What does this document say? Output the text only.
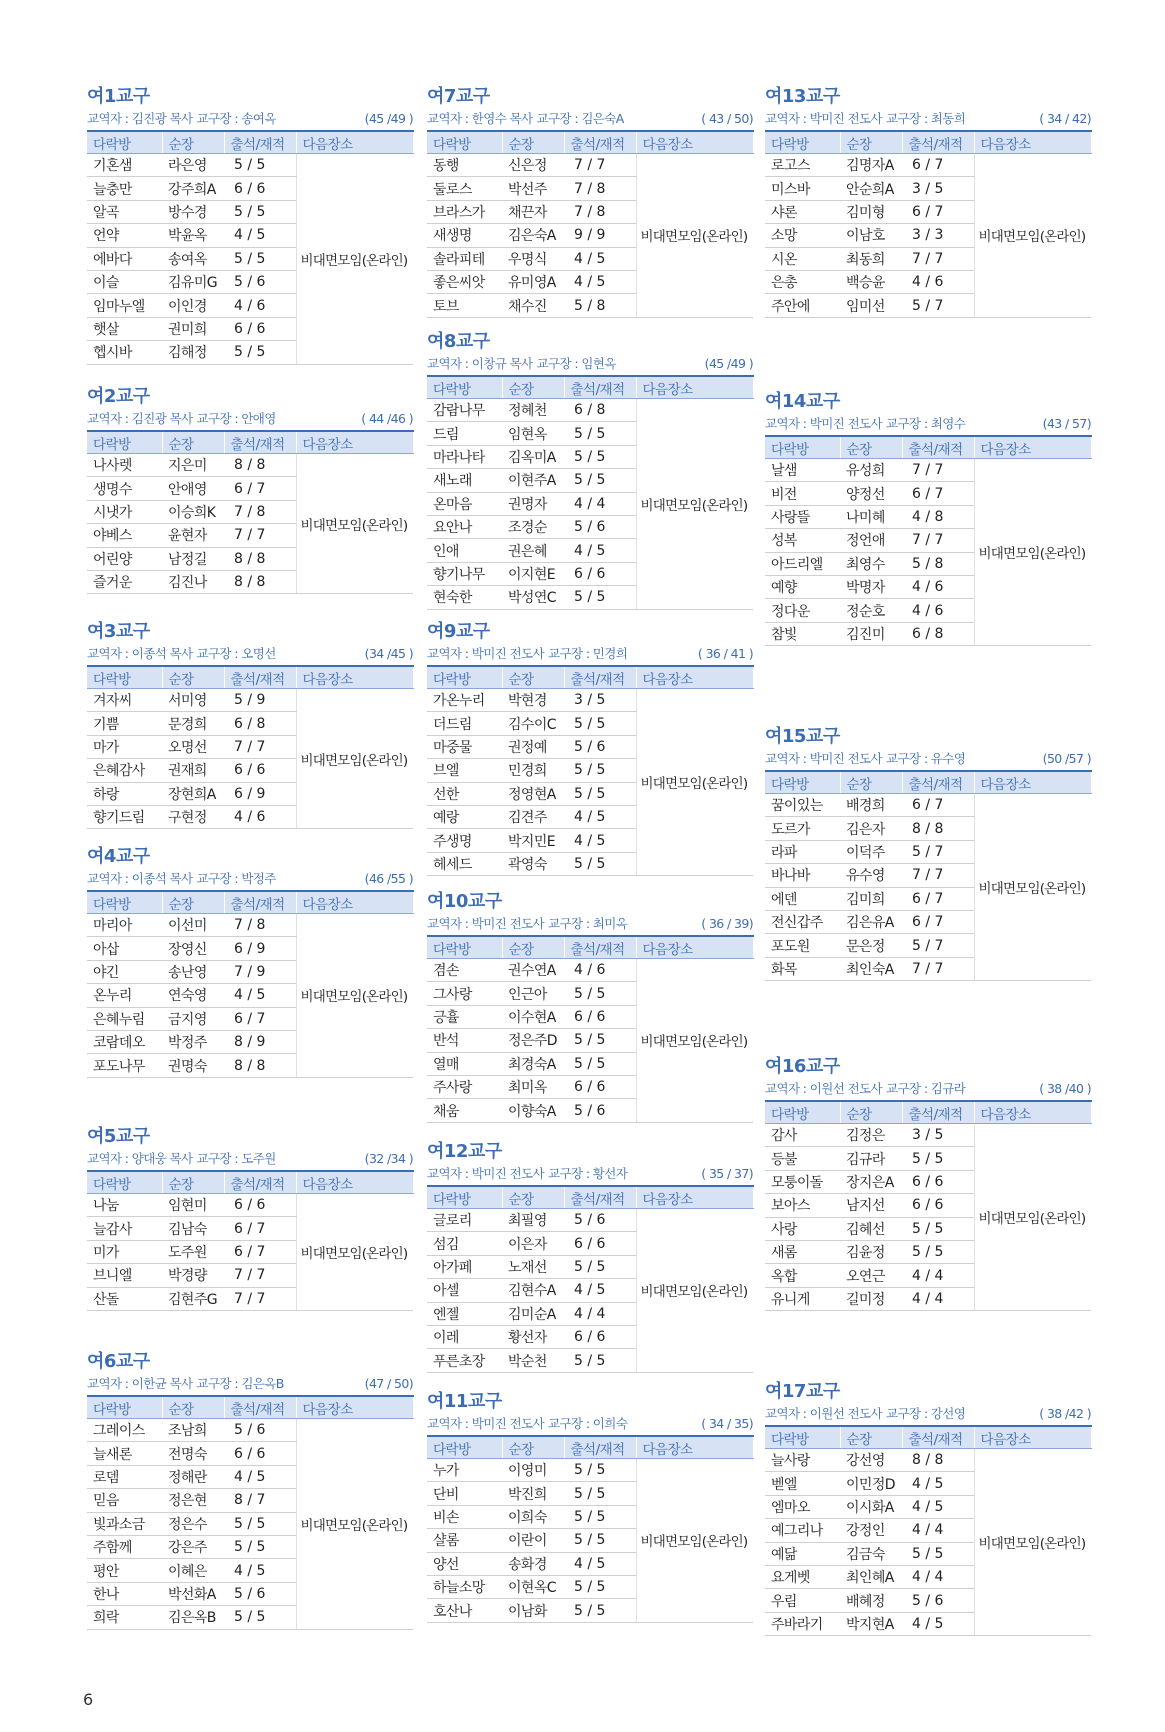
여1교구
교역자 : 김진광 목사 교구장 : 송여옥	(45 /49 )
다락방	순장	출석/재적	다음장소
기혼샘	라은영	5 / 5	비대면모임(온라인)
늘충만	강주희A	6 / 6	
알곡	방수경	5 / 5	
언약	박윤옥	4 / 5	
에바다	송여옥	5 / 5	
이슬	김유미G	5 / 6	
임마누엘	이인경	4 / 6	
햇살	권미희	6 / 6	
헵시바	김해정	5 / 5	
여2교구
교역자 : 김진광 목사 교구장 : 안애영	( 44 /46 )
다락방	순장	출석/재적	다음장소
나사렛	지은미	8 / 8	비대면모임(온라인)
생명수	안애영	6 / 7	
시냇가	이승희K	7 / 8	
야베스	윤현자	7 / 7	
어린양	남정길	8 / 8	
즐거운	김진나	8 / 8	
여3교구
교역자 : 이종석 목사 교구장 : 오명선	(34 /45 )
다락방	순장	출석/재적	다음장소
겨자씨	서미영	5 / 9	비대면모임(온라인)
기쁨	문경희	6 / 8	
마가	오명선	7 / 7	
은혜감사	권재희	6 / 6	
하랑	장현희A	6 / 9	
향기드림	구현정	4 / 6	
여4교구
교역자 : 이종석 목사 교구장 : 박정주	(46 /55 )
다락방	순장	출석/재적	다음장소
마리아	이선미	7 / 8	비대면모임(온라인)
아삽	장영신	6 / 9	
야긴	송난영	7 / 9	
온누리	연숙영	4 / 5	
은혜누림	금지영	6 / 7	
코람데오	박정주	8 / 9	
포도나무	권명숙	8 / 8	
여5교구
교역자 : 양대웅 목사 교구장 : 도주원	(32 /34 )
다락방	순장	출석/재적	다음장소
나눔	임현미	6 / 6	비대면모임(온라인)
늘감사	김남숙	6 / 7	
미가	도주원	6 / 7	
브니엘	박경량	7 / 7	
산돌	김현주G	7 / 7	
여6교구
교역자 : 이한균 목사 교구장 : 김은옥B	(47 / 50)
다락방	순장	출석/재적	다음장소
그레이스	조남희	5 / 6	비대면모임(온라인)
늘새론	전명숙	6 / 6	
로뎀	정해란	4 / 5	
믿음	정은현	8 / 7	
빛과소금	정은수	5 / 5	
주함께	강은주	5 / 5	
평안	이혜은	4 / 5	
한나	박선화A	5 / 6	
희락	김은옥B	5 / 5	
여7교구
교역자 : 한영수 목사 교구장 : 김은숙A	( 43 / 50)
다락방	순장	출석/재적	다음장소
동행	신은정	7 / 7	비대면모임(온라인)
둘로스	박선주	7 / 8	
브라스가	채끈자	7 / 8	
새생명	김은숙A	9 / 9	
솔라피테	우명식	4 / 5	
좋은씨앗	유미영A	4 / 5	
토브	채수진	5 / 8	
여8교구
교역자 : 이창규 목사 교구장 : 임현옥	(45 /49 )
다락방	순장	출석/재적	다음장소
감람나무	정혜천	6 / 8	비대면모임(온라인)
드림	임현옥	5 / 5	
마라나타	김옥미A	5 / 5	
새노래	이현주A	5 / 5	
온마음	권명자	4 / 4	
요안나	조경순	5 / 6	
인애	권은혜	4 / 5	
향기나무	이지현E	6 / 6	
현숙한	박성연C	5 / 5	
여9교구
교역자 : 박미진 전도사 교구장 : 민경희	( 36 / 41 )
다락방	순장	출석/재적	다음장소
가온누리	박현경	3 / 5	비대면모임(온라인)
더드림	김수이C	5 / 5	
마중물	권정예	5 / 6	
브엘	민경희	5 / 5	
선한	정영현A	5 / 5	
예랑	김견주	4 / 5	
주생명	박지민E	4 / 5	
헤세드	곽영숙	5 / 5	
여10교구
교역자 : 박미진 전도사 교구장 : 최미옥	( 36 / 39)
다락방	순장	출석/재적	다음장소
겸손	권수연A	4 / 6	비대면모임(온라인)
그사랑	인근아	5 / 5	
긍휼	이수현A	6 / 6	
반석	정은주D	5 / 5	
열매	최경숙A	5 / 5	
주사랑	최미옥	6 / 6	
채움	이향숙A	5 / 6	
여12교구
교역자 : 박미진 전도사 교구장 : 황선자	( 35 / 37)
다락방	순장	출석/재적	다음장소
글로리	최필영	5 / 6	비대면모임(온라인)
섬김	이은자	6 / 6	
아가페	노재선	5 / 5	
아셀	김현수A	4 / 5	
엔젤	김미순A	4 / 4	
이레	황선자	6 / 6	
푸른초장	박순천	5 / 5	
여11교구
교역자 : 박미진 전도사 교구장 : 이희숙	( 34 / 35)
다락방	순장	출석/재적	다음장소
누가	이영미	5 / 5	비대면모임(온라인)
단비	박진희	5 / 5	
비손	이희숙	5 / 5	
샬롬	이란이	5 / 5	
양선	송화경	4 / 5	
하늘소망	이현옥C	5 / 5	
호산나	이남화	5 / 5	
여13교구
교역자 : 박미진 전도사 교구장 : 최동희	( 34 / 42)
다락방	순장	출석/재적	다음장소
로고스	김명자A	6 / 7	비대면모임(온라인)
미스바	안순희A	3 / 5	
샤론	김미형	6 / 7	
소망	이남호	3 / 3	
시온	최동희	7 / 7	
은총	백승윤	4 / 6	
주안에	임미선	5 / 7	
여14교구
교역자 : 박미진 전도사 교구장 : 최영수	(43 / 57)
다락방	순장	출석/재적	다음장소
날샘	유성희	7 / 7	비대면모임(온라인)
비전	양정선	6 / 7	
사랑뜰	나미혜	4 / 8	
성복	정언애	7 / 7	
아드리엘	최영수	5 / 8	
예향	박명자	4 / 6	
정다운	정순호	4 / 6	
참빛	김진미	6 / 8	
여15교구
교역자 : 박미진 전도사 교구장 : 유수영	(50 /57 )
다락방	순장	출석/재적	다음장소
꿈이있는	배경희	6 / 7	비대면모임(온라인)
도르가	김은자	8 / 8	
라파	이덕주	5 / 7	
바나바	유수영	7 / 7	
에덴	김미희	6 / 7	
전신갑주	김은유A	6 / 7	
포도원	문은정	5 / 7	
화목	최인숙A	7 / 7	
여16교구
교역자 : 이원선 전도사 교구장 : 김규라	( 38 /40 )
다락방	순장	출석/재적	다음장소
감사	김정은	3 / 5	비대면모임(온라인)
등불	김규라	5 / 5	
모퉁이돌	장지은A	6 / 6	
보아스	남지선	6 / 6	
사랑	김혜선	5 / 5	
새롬	김윤정	5 / 5	
옥합	오연근	4 / 4	
유니게	길미정	4 / 4	
여17교구
교역자 : 이원선 전도사 교구장 : 강선영	( 38 /42 )
다락방	순장	출석/재적	다음장소
늘사랑	강선영	8 / 8	비대면모임(온라인)
벧엘	이민정D	4 / 5	
엠마오	이시화A	4 / 5	
예그리나	강정인	4 / 4	
예닮	김금숙	5 / 5	
요게벳	최인혜A	4 / 4	
우림	배혜정	5 / 6	
주바라기	박지현A	4 / 5	
6
